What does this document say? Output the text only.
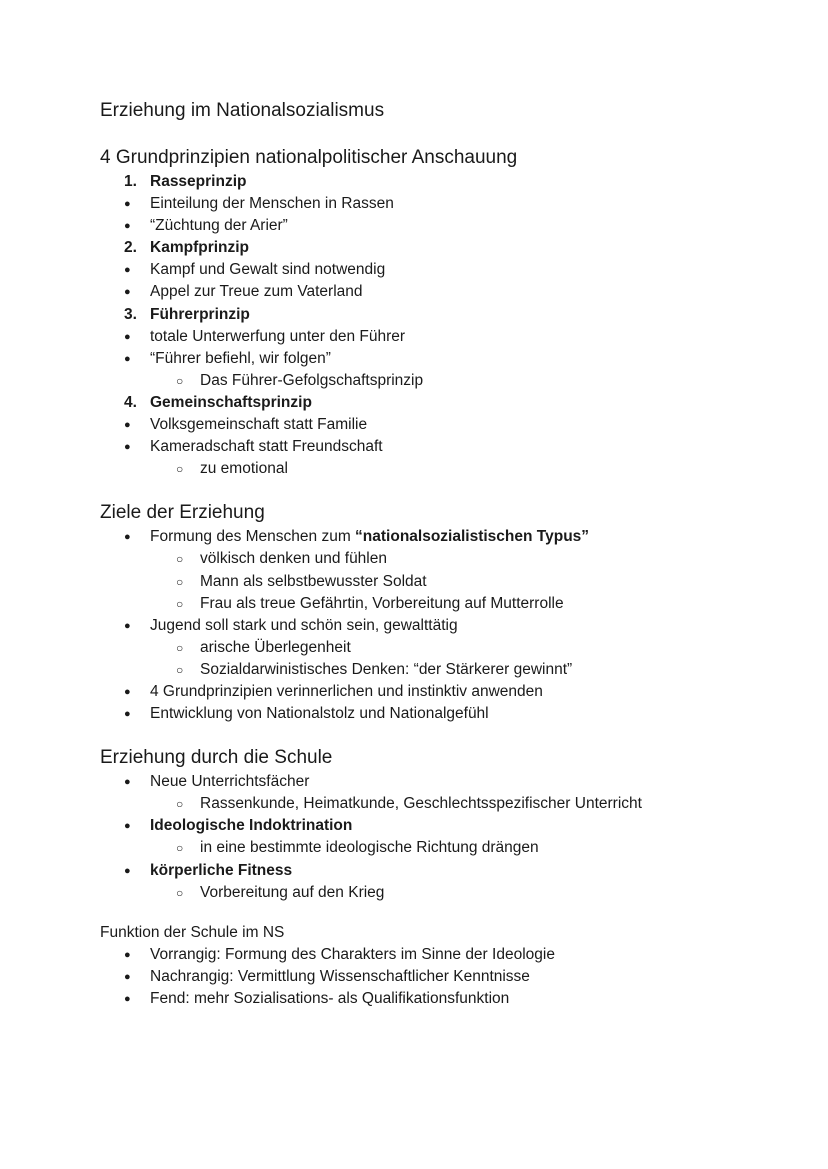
Erziehung im Nationalsozialismus
4 Grundprinzipien nationalpolitischer Anschauung
1. Rasseprinzip
● Einteilung der Menschen in Rassen
● “Züchtung der Arier”
2. Kampfprinzip
● Kampf und Gewalt sind notwendig
● Appel zur Treue zum Vaterland
3. Führerprinzip
● totale Unterwerfung unter den Führer
● “Führer befiehl, wir folgen”
○ Das Führer-Gefolgschaftsprinzip
4. Gemeinschaftsprinzip
● Volksgemeinschaft statt Familie
● Kameradschaft statt Freundschaft
○ zu emotional
Ziele der Erziehung
● Formung des Menschen zum “nationalsozialistischen Typus”
○ völkisch denken und fühlen
○ Mann als selbstbewusster Soldat
○ Frau als treue Gefährtin, Vorbereitung auf Mutterrolle
● Jugend soll stark und schön sein, gewalttätig
○ arische Überlegenheit
○ Sozialdarwinistisches Denken: “der Stärkerer gewinnt”
● 4 Grundprinzipien verinnerlichen und instinktiv anwenden
● Entwicklung von Nationalstolz und Nationalgefühl
Erziehung durch die Schule
● Neue Unterrichtsfächer
○ Rassenkunde, Heimatkunde, Geschlechtsspezifischer Unterricht
● Ideologische Indoktrination
○ in eine bestimmte ideologische Richtung drängen
● körperliche Fitness
○ Vorbereitung auf den Krieg
Funktion der Schule im NS
● Vorrangig: Formung des Charakters im Sinne der Ideologie
● Nachrangig: Vermittlung Wissenschaftlicher Kenntnisse
● Fend: mehr Sozialisations- als Qualifikationsfunktion
